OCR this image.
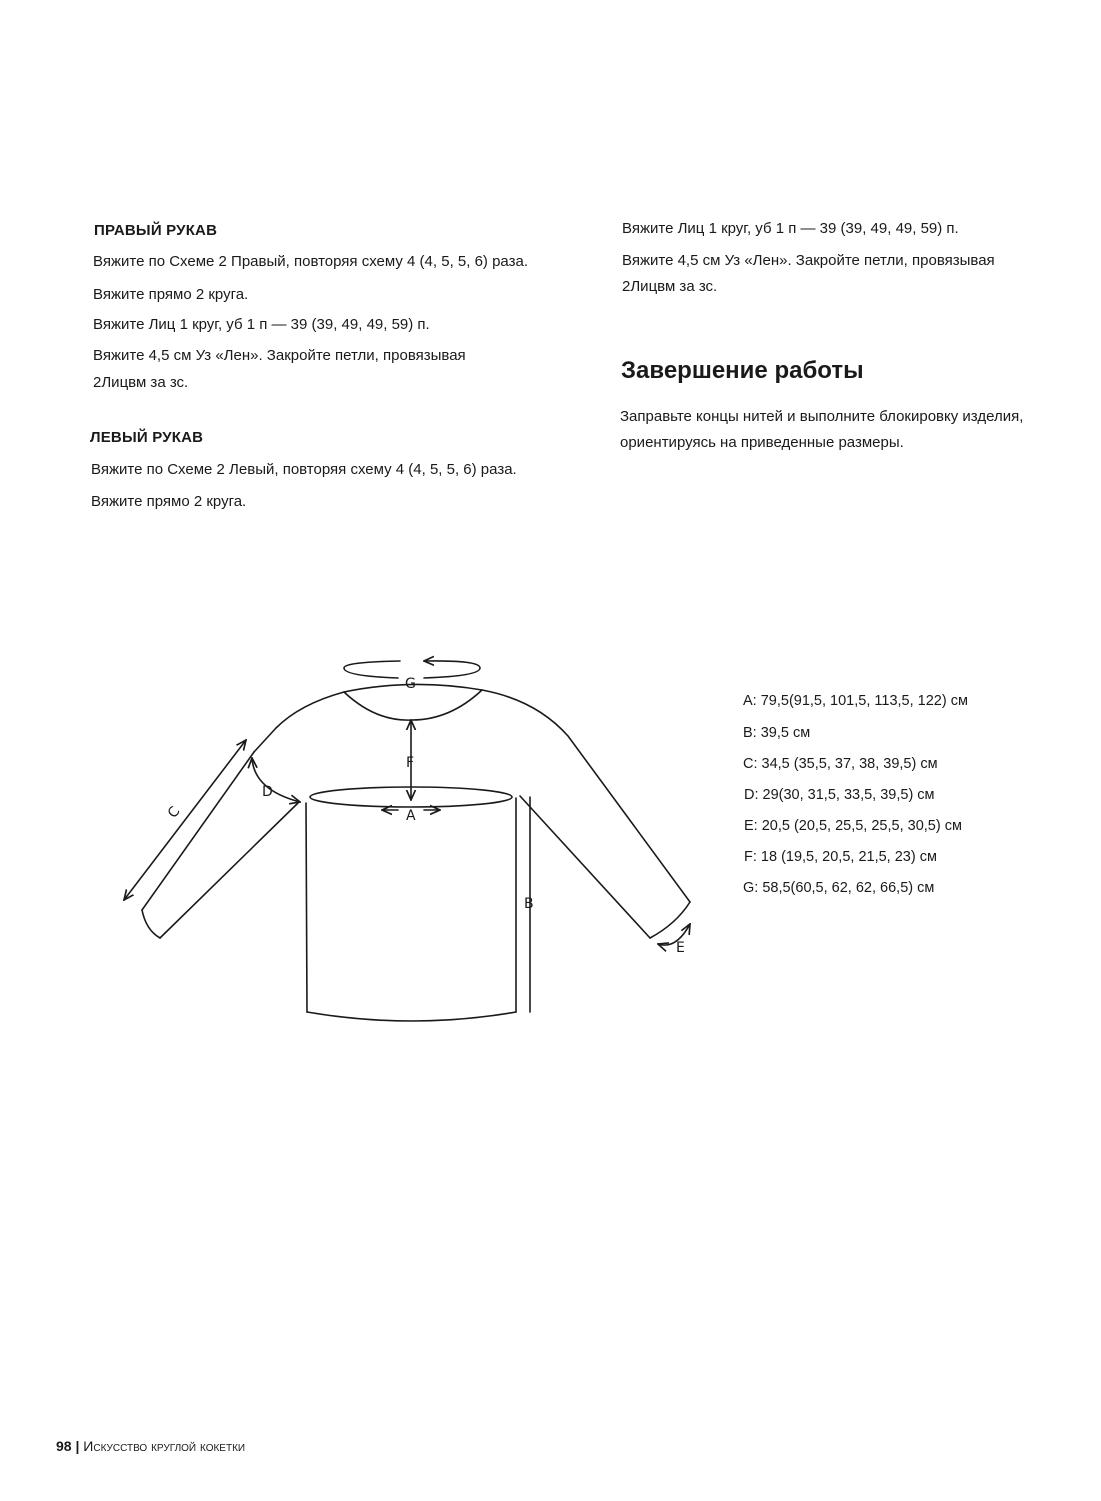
ПРАВЫЙ РУКАВ
Вяжите по Схеме 2 Правый, повторяя схему 4 (4, 5, 5, 6) раза.
Вяжите прямо 2 круга.
Вяжите Лиц 1 круг, уб 1 п — 39 (39, 49, 49, 59) п.
Вяжите 4,5 см Уз «Лен». Закройте петли, провязывая
2Лицвм за зс.
ЛЕВЫЙ РУКАВ
Вяжите по Схеме 2 Левый, повторяя схему 4 (4, 5, 5, 6) раза.
Вяжите прямо 2 круга.
Вяжите Лиц 1 круг, уб 1 п — 39 (39, 49, 49, 59) п.
Вяжите 4,5 см Уз «Лен». Закройте петли, провязывая
2Лицвм за зс.
Завершение работы
Заправьте концы нитей и выполните блокировку изделия,
ориентируясь на приведенные размеры.
G
F
A
B
C
D
E
A: 79,5(91,5, 101,5, 113,5, 122) см
B: 39,5 см
C: 34,5 (35,5, 37, 38, 39,5) см
D: 29(30, 31,5, 33,5, 39,5) см
E: 20,5 (20,5, 25,5, 25,5, 30,5) см
F: 18 (19,5, 20,5, 21,5, 23) см
G: 58,5(60,5, 62, 62, 66,5) см
98 | Искусство круглой кокетки
